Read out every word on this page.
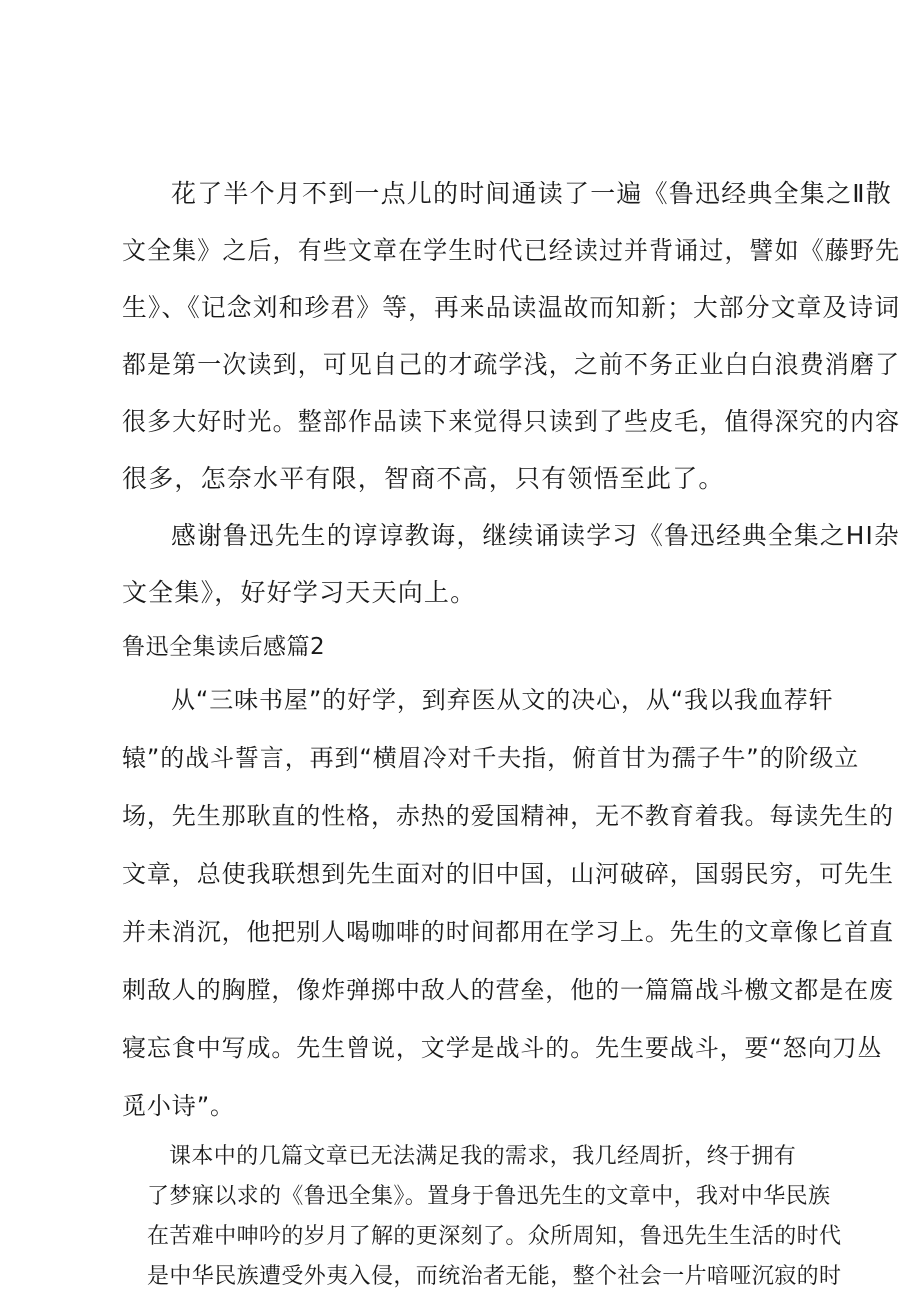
花了半个月不到一点儿的时间通读了一遍《鲁迅经典全集之Ⅱ散

文全集》之后，有些文章在学生时代已经读过并背诵过，譬如《藤野先

生》、《记念刘和珍君》等，再来品读温故而知新；大部分文章及诗词

都是第一次读到，可见自己的才疏学浅，之前不务正业白白浪费消磨了

很多大好时光。整部作品读下来觉得只读到了些皮毛，值得深究的内容

很多，怎奈水平有限，智商不高，只有领悟至此了。

感谢鲁迅先生的谆谆教诲，继续诵读学习《鲁迅经典全集之HI杂

文全集》，好好学习天天向上。

鲁迅全集读后感篇2

从“三味书屋”的好学，到弃医从文的决心，从“我以我血荐轩

辕”的战斗誓言，再到“横眉冷对千夫指，俯首甘为孺子牛”的阶级立

场，先生那耿直的性格，赤热的爱国精神，无不教育着我。每读先生的

文章，总使我联想到先生面对的旧中国，山河破碎，国弱民穷，可先生

并未消沉，他把别人喝咖啡的时间都用在学习上。先生的文章像匕首直

刺敌人的胸膛，像炸弹掷中敌人的营垒，他的一篇篇战斗檄文都是在废

寝忘食中写成。先生曾说，文学是战斗的。先生要战斗，要“怒向刀丛

觅小诗”。

课本中的几篇文章已无法满足我的需求，我几经周折，终于拥有

了梦寐以求的《鲁迅全集》。置身于鲁迅先生的文章中，我对中华民族

在苦难中呻吟的岁月了解的更深刻了。众所周知，鲁迅先生生活的时代

是中华民族遭受外夷入侵，而统治者无能，整个社会一片喑哑沉寂的时
